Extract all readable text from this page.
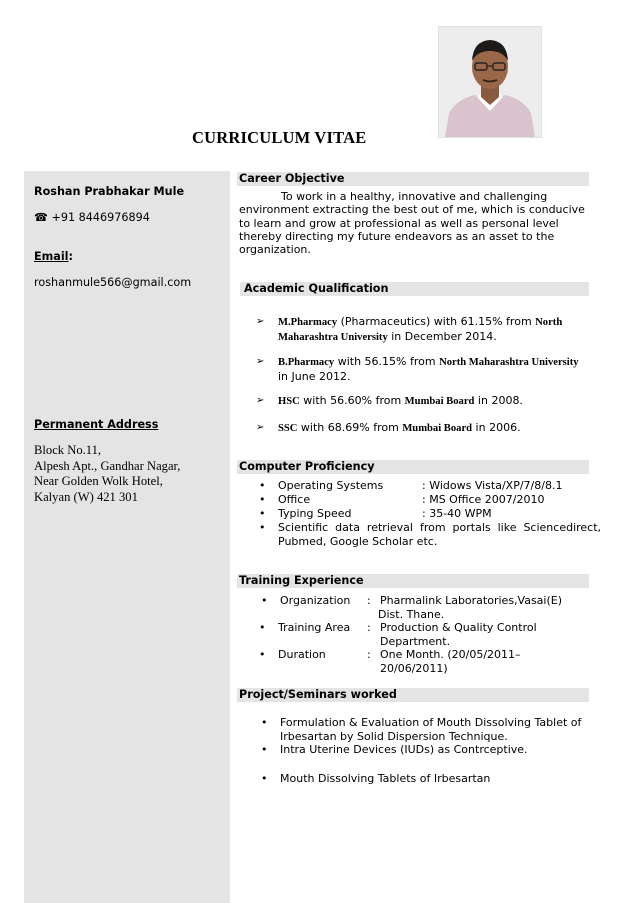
CURRICULUM VITAE
Roshan Prabhakar Mule
☎ +91 8446976894
Email:
roshanmule566@gmail.com
Permanent Address
Block No.11,
Alpesh Apt., Gandhar Nagar,
Near Golden Wolk Hotel,
Kalyan (W) 421 301
Career Objective
To work in a healthy, innovative and challenging
environment extracting the best out of me, which is conducive
to learn and grow at professional as well as personal level
thereby directing my future endeavors as an asset to the
organization.
Academic Qualification
➢ M.Pharmacy (Pharmaceutics) with 61.15% from North
Maharashtra University in December 2014.
➢ B.Pharmacy with 56.15% from North Maharashtra University
in June 2012.
➢ HSC with 56.60% from Mumbai Board in 2008.
➢ SSC with 68.69% from Mumbai Board in 2006.
Computer Proficiency
• Operating Systems	: Widows Vista/XP/7/8/8.1
• Office	: MS Office 2007/2010
• Typing Speed	: 35-40 WPM
• Scientific  data  retrieval  from  portals  like  Sciencedirect,
Pubmed, Google Scholar etc.
Training Experience
• Organization : Pharmalink Laboratories,Vasai(E)
Dist. Thane.
• Training Area : Production & Quality Control
Department.
• Duration	: One Month. (20/05/2011–
20/06/2011)
Project/Seminars worked
• Formulation & Evaluation of Mouth Dissolving Tablet of
Irbesartan by Solid Dispersion Technique.
• Intra Uterine Devices (IUDs) as Contrceptive.
• Mouth Dissolving Tablets of Irbesartan
